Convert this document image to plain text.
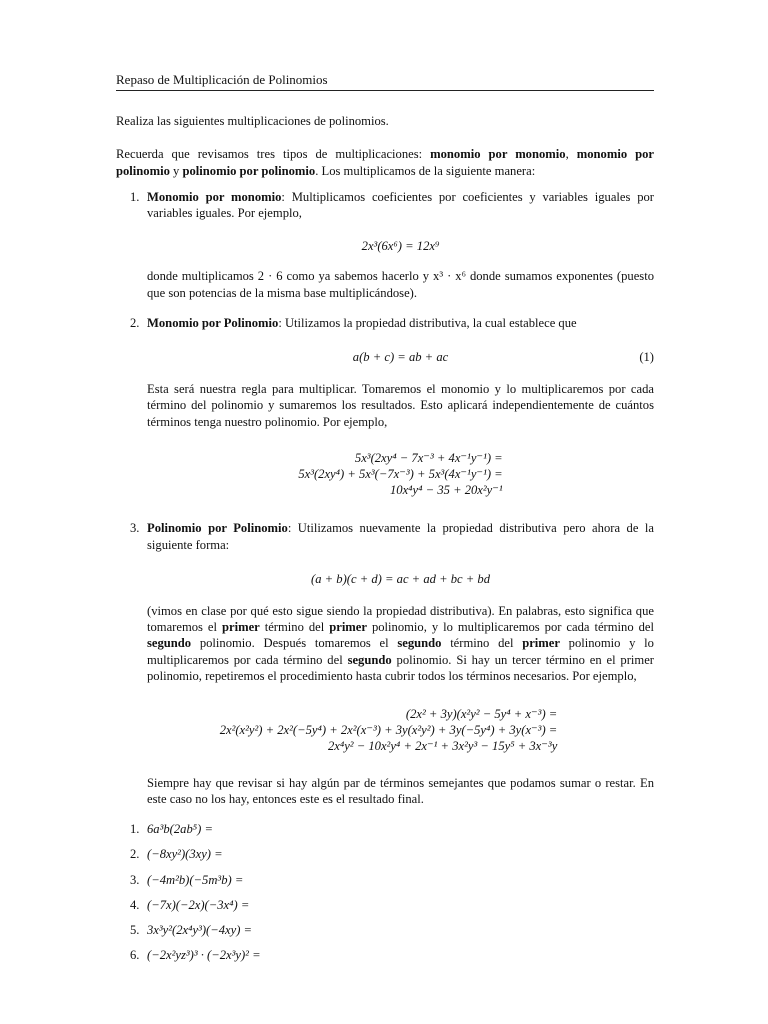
Repaso de Multiplicación de Polinomios

Realiza las siguientes multiplicaciones de polinomios.

Recuerda que revisamos tres tipos de multiplicaciones: monomio por monomio, monomio por polinomio y polinomio por polinomio. Los multiplicamos de la siguiente manera:

1. Monomio por monomio: Multiplicamos coeficientes por coeficientes y variables iguales por variables iguales. Por ejemplo,

2x³(6x⁶) = 12x⁹

donde multiplicamos 2 · 6 como ya sabemos hacerlo y x³ · x⁶ donde sumamos exponentes (puesto que son potencias de la misma base multiplicándose).

2. Monomio por Polinomio: Utilizamos la propiedad distributiva, la cual establece que

a(b + c) = ab + ac	(1)

Esta será nuestra regla para multiplicar. Tomaremos el monomio y lo multiplicaremos por cada término del polinomio y sumaremos los resultados. Esto aplicará independientemente de cuántos términos tenga nuestro polinomio. Por ejemplo,

5x³(2xy⁴ − 7x⁻³ + 4x⁻¹y⁻¹) =
5x³(2xy⁴) + 5x³(−7x⁻³) + 5x³(4x⁻¹y⁻¹) =
10x⁴y⁴ − 35 + 20x²y⁻¹
3. Polinomio por Polinomio: Utilizamos nuevamente la propiedad distributiva pero ahora de la siguiente forma:

(a + b)(c + d) = ac + ad + bc + bd

(vimos en clase por qué esto sigue siendo la propiedad distributiva). En palabras, esto significa que tomaremos el primer término del primer polinomio, y lo multiplicaremos por cada término del segundo polinomio. Después tomaremos el segundo término del primer polinomio y lo multiplicaremos por cada término del segundo polinomio. Si hay un tercer término en el primer polinomio, repetiremos el procedimiento hasta cubrir todos los términos necesarios. Por ejemplo,

(2x² + 3y)(x²y² − 5y⁴ + x⁻³) =
2x²(x²y²) + 2x²(−5y⁴) + 2x²(x⁻³) + 3y(x²y²) + 3y(−5y⁴) + 3y(x⁻³) =
2x⁴y² − 10x²y⁴ + 2x⁻¹ + 3x²y³ − 15y⁵ + 3x⁻³y

Siempre hay que revisar si hay algún par de términos semejantes que podamos sumar o restar. En este caso no los hay, entonces este es el resultado final.

1. 6a³b(2ab⁵) =
2. (−8xy²)(3xy) =
3. (−4m²b)(−5m³b) =
4. (−7x)(−2x)(−3x⁴) =
5. 3x³y²(2x⁴y³)(−4xy) =
6. (−2x²yz³)³ · (−2x³y)² =
